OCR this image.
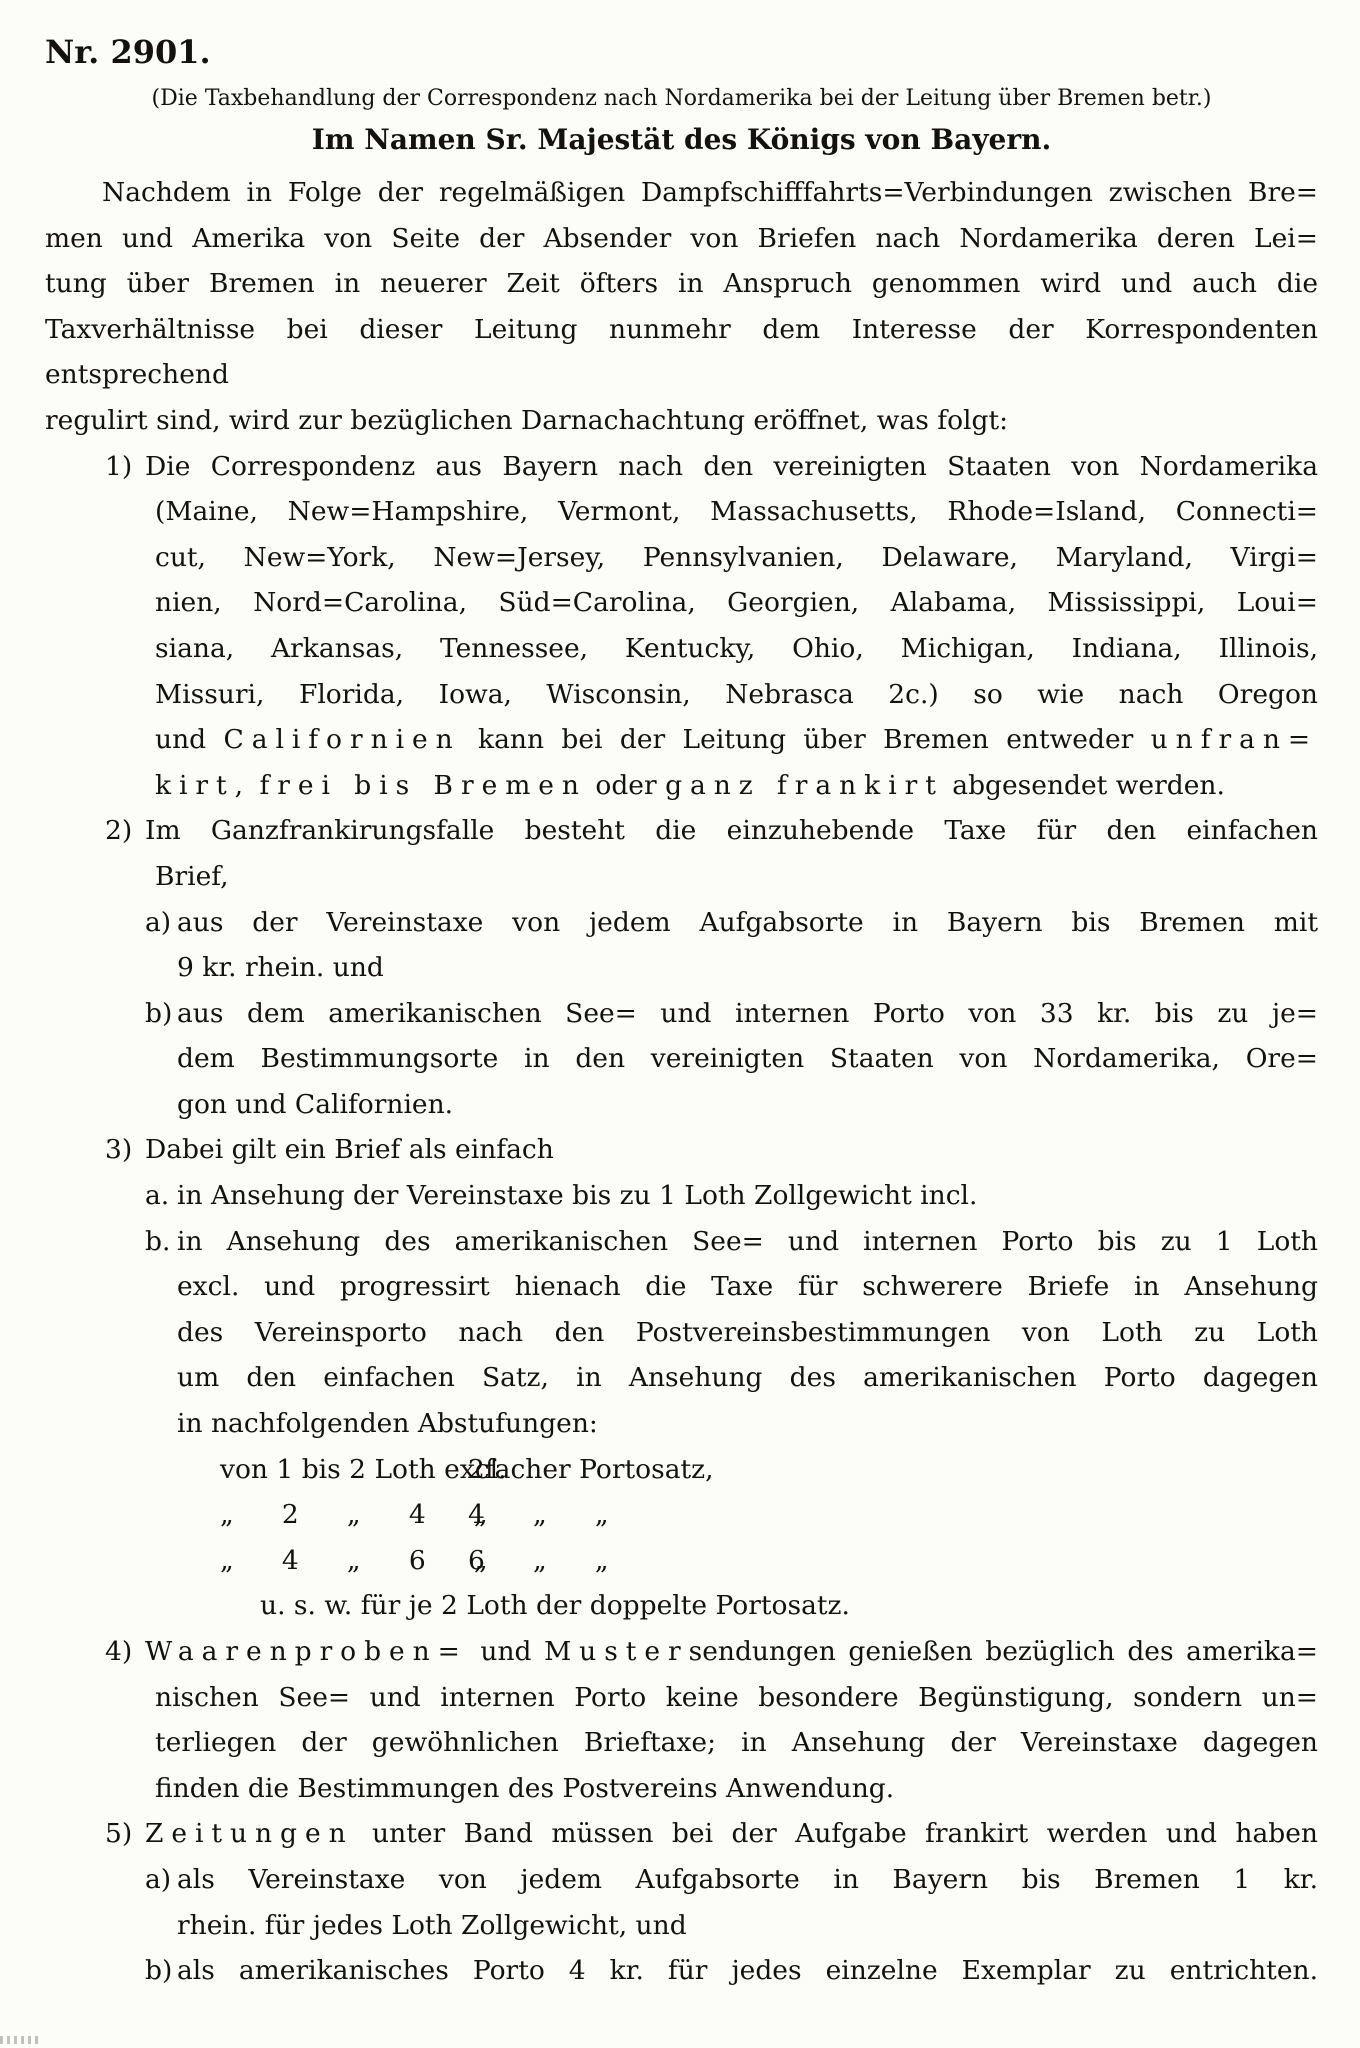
Nr. 2901.
(Die Taxbehandlung der Correspondenz nach Nordamerika bei der Leitung über Bremen betr.)
Im Namen Sr. Majestät des Königs von Bayern.
Nachdem in Folge der regelmäßigen Dampfschifffahrts=Verbindungen zwischen Bre=
men und Amerika von Seite der Absender von Briefen nach Nordamerika deren Lei=
tung über Bremen in neuerer Zeit öfters in Anspruch genommen wird und auch die
Taxverhältnisse bei dieser Leitung nunmehr dem Interesse der Korrespondenten entsprechend
regulirt sind, wird zur bezüglichen Darnachachtung eröffnet, was folgt:
1) Die Correspondenz aus Bayern nach den vereinigten Staaten von Nordamerika
(Maine, New=Hampshire, Vermont, Massachusetts, Rhode=Island, Connecti=
cut, New=York, New=Jersey, Pennsylvanien, Delaware, Maryland, Virgi=
nien, Nord=Carolina, Süd=Carolina, Georgien, Alabama, Mississippi, Loui=
siana, Arkansas, Tennessee, Kentucky, Ohio, Michigan, Indiana, Illinois,
Missuri, Florida, Iowa, Wisconsin, Nebrasca 2c.) so wie nach Oregon
und Californien kann bei der Leitung über Bremen entweder unfran=
kirt, frei bis Bremen oder ganz frankirt abgesendet werden.
2) Im Ganzfrankirungsfalle besteht die einzuhebende Taxe für den einfachen
Brief,
a) aus der Vereinstaxe von jedem Aufgabsorte in Bayern bis Bremen mit
9 kr. rhein. und
b) aus dem amerikanischen See= und internen Porto von 33 kr. bis zu je=
dem Bestimmungsorte in den vereinigten Staaten von Nordamerika, Ore=
gon und Californien.
3) Dabei gilt ein Brief als einfach
a. in Ansehung der Vereinstaxe bis zu 1 Loth Zollgewicht incl.
b. in Ansehung des amerikanischen See= und internen Porto bis zu 1 Loth
excl. und progressirt hienach die Taxe für schwerere Briefe in Ansehung
des Vereinsporto nach den Postvereinsbestimmungen von Loth zu Loth
um den einfachen Satz, in Ansehung des amerikanischen Porto dagegen
in nachfolgenden Abstufungen:
von 1 bis 2 Loth excl.2facher Portosatz,
„ 2 „ 4 „4 „ „
„ 4 „ 6 „6 „ „
u. s. w. für je 2 Loth der doppelte Portosatz.
4) Waarenproben= und Mustersendungen genießen bezüglich des amerika=
nischen See= und internen Porto keine besondere Begünstigung, sondern un=
terliegen der gewöhnlichen Brieftaxe; in Ansehung der Vereinstaxe dagegen
finden die Bestimmungen des Postvereins Anwendung.
5) Zeitungen unter Band müssen bei der Aufgabe frankirt werden und haben
a) als Vereinstaxe von jedem Aufgabsorte in Bayern bis Bremen 1 kr.
rhein. für jedes Loth Zollgewicht, und
b) als amerikanisches Porto 4 kr. für jedes einzelne Exemplar zu entrichten.
